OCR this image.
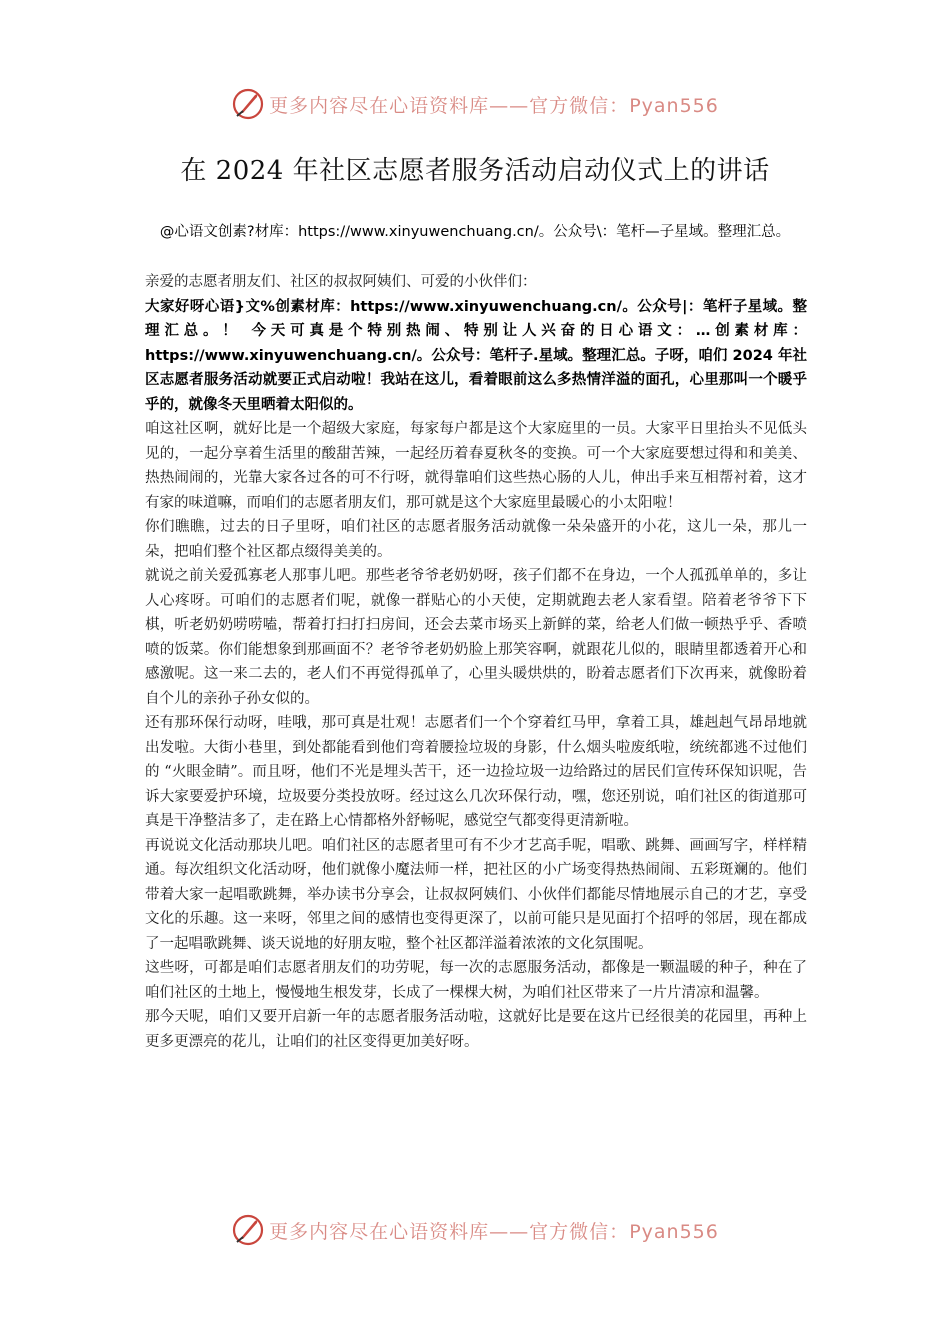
更多内容尽在心语资料库——官方微信：Pyan556
在 2024 年社区志愿者服务活动启动仪式上的讲话
@心语文创素?材库：https://www.xinyuwenchuang.cn/。公众号\：笔杆—子星域。整理汇总。

亲爱的志愿者朋友们、社区的叔叔阿姨们、可爱的小伙伴们：

大家好呀心语}文%创素材库：https://www.xinyuwenchuang.cn/。公众号|：笔杆子星域。整理汇总。！ 今天可真是个特别热闹、特别让人兴奋的日心语文：…创素材库：https://www.xinyuwenchuang.cn/。公众号：笔杆子.星域。整理汇总。子呀，咱们 2024 年社区志愿者服务活动就要正式启动啦！我站在这儿，看着眼前这么多热情洋溢的面孔，心里那叫一个暖乎乎的，就像冬天里晒着太阳似的。

咱这社区啊，就好比是一个超级大家庭，每家每户都是这个大家庭里的一员。大家平日里抬头不见低头见的，一起分享着生活里的酸甜苦辣，一起经历着春夏秋冬的变换。可一个大家庭要想过得和和美美、热热闹闹的，光靠大家各过各的可不行呀，就得靠咱们这些热心肠的人儿，伸出手来互相帮衬着，这才有家的味道嘛，而咱们的志愿者朋友们，那可就是这个大家庭里最暖心的小太阳啦！

你们瞧瞧，过去的日子里呀，咱们社区的志愿者服务活动就像一朵朵盛开的小花，这儿一朵，那儿一朵，把咱们整个社区都点缀得美美的。

就说之前关爱孤寡老人那事儿吧。那些老爷爷老奶奶呀，孩子们都不在身边，一个人孤孤单单的，多让人心疼呀。可咱们的志愿者们呢，就像一群贴心的小天使，定期就跑去老人家看望。陪着老爷爷下下棋，听老奶奶唠唠嗑，帮着打扫打扫房间，还会去菜市场买上新鲜的菜，给老人们做一顿热乎乎、香喷喷的饭菜。你们能想象到那画面不？老爷爷老奶奶脸上那笑容啊，就跟花儿似的，眼睛里都透着开心和感激呢。这一来二去的，老人们不再觉得孤单了，心里头暖烘烘的，盼着志愿者们下次再来，就像盼着自个儿的亲孙子孙女似的。

还有那环保行动呀，哇哦，那可真是壮观！志愿者们一个个穿着红马甲，拿着工具，雄赳赳气昂昂地就出发啦。大街小巷里，到处都能看到他们弯着腰捡垃圾的身影，什么烟头啦废纸啦，统统都逃不过他们的 “火眼金睛”。而且呀，他们不光是埋头苦干，还一边捡垃圾一边给路过的居民们宣传环保知识呢，告诉大家要爱护环境，垃圾要分类投放呀。经过这么几次环保行动，嘿，您还别说，咱们社区的街道那可真是干净整洁多了，走在路上心情都格外舒畅呢，感觉空气都变得更清新啦。

再说说文化活动那块儿吧。咱们社区的志愿者里可有不少才艺高手呢，唱歌、跳舞、画画写字，样样精通。每次组织文化活动呀，他们就像小魔法师一样，把社区的小广场变得热热闹闹、五彩斑斓的。他们带着大家一起唱歌跳舞，举办读书分享会，让叔叔阿姨们、小伙伴们都能尽情地展示自己的才艺，享受文化的乐趣。这一来呀，邻里之间的感情也变得更深了，以前可能只是见面打个招呼的邻居，现在都成了一起唱歌跳舞、谈天说地的好朋友啦，整个社区都洋溢着浓浓的文化氛围呢。

这些呀，可都是咱们志愿者朋友们的功劳呢，每一次的志愿服务活动，都像是一颗温暖的种子，种在了咱们社区的土地上，慢慢地生根发芽，长成了一棵棵大树，为咱们社区带来了一片片清凉和温馨。

那今天呢，咱们又要开启新一年的志愿者服务活动啦，这就好比是要在这片已经很美的花园里，再种上更多更漂亮的花儿，让咱们的社区变得更加美好呀。

更多内容尽在心语资料库——官方微信：Pyan556
